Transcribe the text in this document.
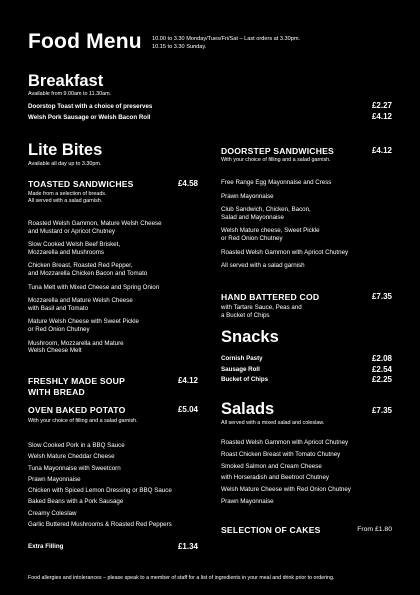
Food Menu 10.00 to 3.30 Monday/Tues/Fri/Sat – Last orders at 3.30pm.
10.15 to 3.30 Sunday.
Breakfast
Available from 9.00am to 11.30am.
Doorstop Toast with a choice of preserves	£2.27
Welsh Pork Sausage or Welsh Bacon Roll	£4.12
Lite Bites
Available all day up to 3.30pm.
TOASTED SANDWICHES	£4.58
Made from a selection of breads.
All served with a salad garnish.
Roasted Welsh Gammon, Mature Welsh Cheese
and Mustard or Apricot Chutney
Slow Cooked Welsh Beef Brisket,
Mozzarella and Mushrooms
Chicken Breast, Roasted Red Pepper,
and Mozzarella Chicken Bacon and Tomato
Tuna Melt with Mixed Cheese and Spring Onion
Mozzarella and Mature Welsh Cheese
with Basil and Tomato
Mature Welsh Cheese with Sweet Pickle
or Red Onion Chutney
Mushroom, Mozzarella and Mature
Welsh Cheese Melt
FRESHLY MADE SOUP
WITH BREAD
£4.12
OVEN BAKED POTATO	£5.04
With your choice of filling and a salad garnish.
Slow Cooked Pork in a BBQ Sauce
Welsh Mature Cheddar Cheese
Tuna Mayonnaise with Sweetcorn
Prawn Mayonnaise
Chicken with Spiced Lemon Dressing or BBQ Sauce
Baked Beans with a Pork Sausage
Creamy Coleslaw
Garlic Buttered Mushrooms & Roasted Red Peppers
Extra Filling	£1.34
DOORSTEP SANDWICHES	£4.12
With your choice of filling and a salad garnish.
Free Range Egg Mayonnaise and Cress
Prawn Mayonnaise
Club Sandwich, Chicken, Bacon,
Salad and Mayonnaise
Welsh Mature cheese, Sweet Pickle
or Red Onion Chutney
Roasted Welsh Gammon with Apricot Chutney
All served with a salad garnish
HAND BATTERED COD	£7.35
with Tartare Sauce, Peas and
a Bucket of Chips
Snacks
Cornish Pasty	£2.08
Sausage Roll	£2.54
Bucket of Chips	£2.25
Salads	£7.35
All served with a mixed salad and coleslaw.
Roasted Welsh Gammon with Apricot Chutney
Roast Chicken Breast with Tomato Chutney
Smoked Salmon and Cream Cheese
with Horseradish and Beetroot Chutney
Welsh Mature Cheese with Red Onion Chutney
Prawn Mayonnaise
SELECTION OF CAKES	From £1.80
Food allergies and intolerances – please speak to a member of staff for a list of ingredients in your meal and drink prior to ordering.
